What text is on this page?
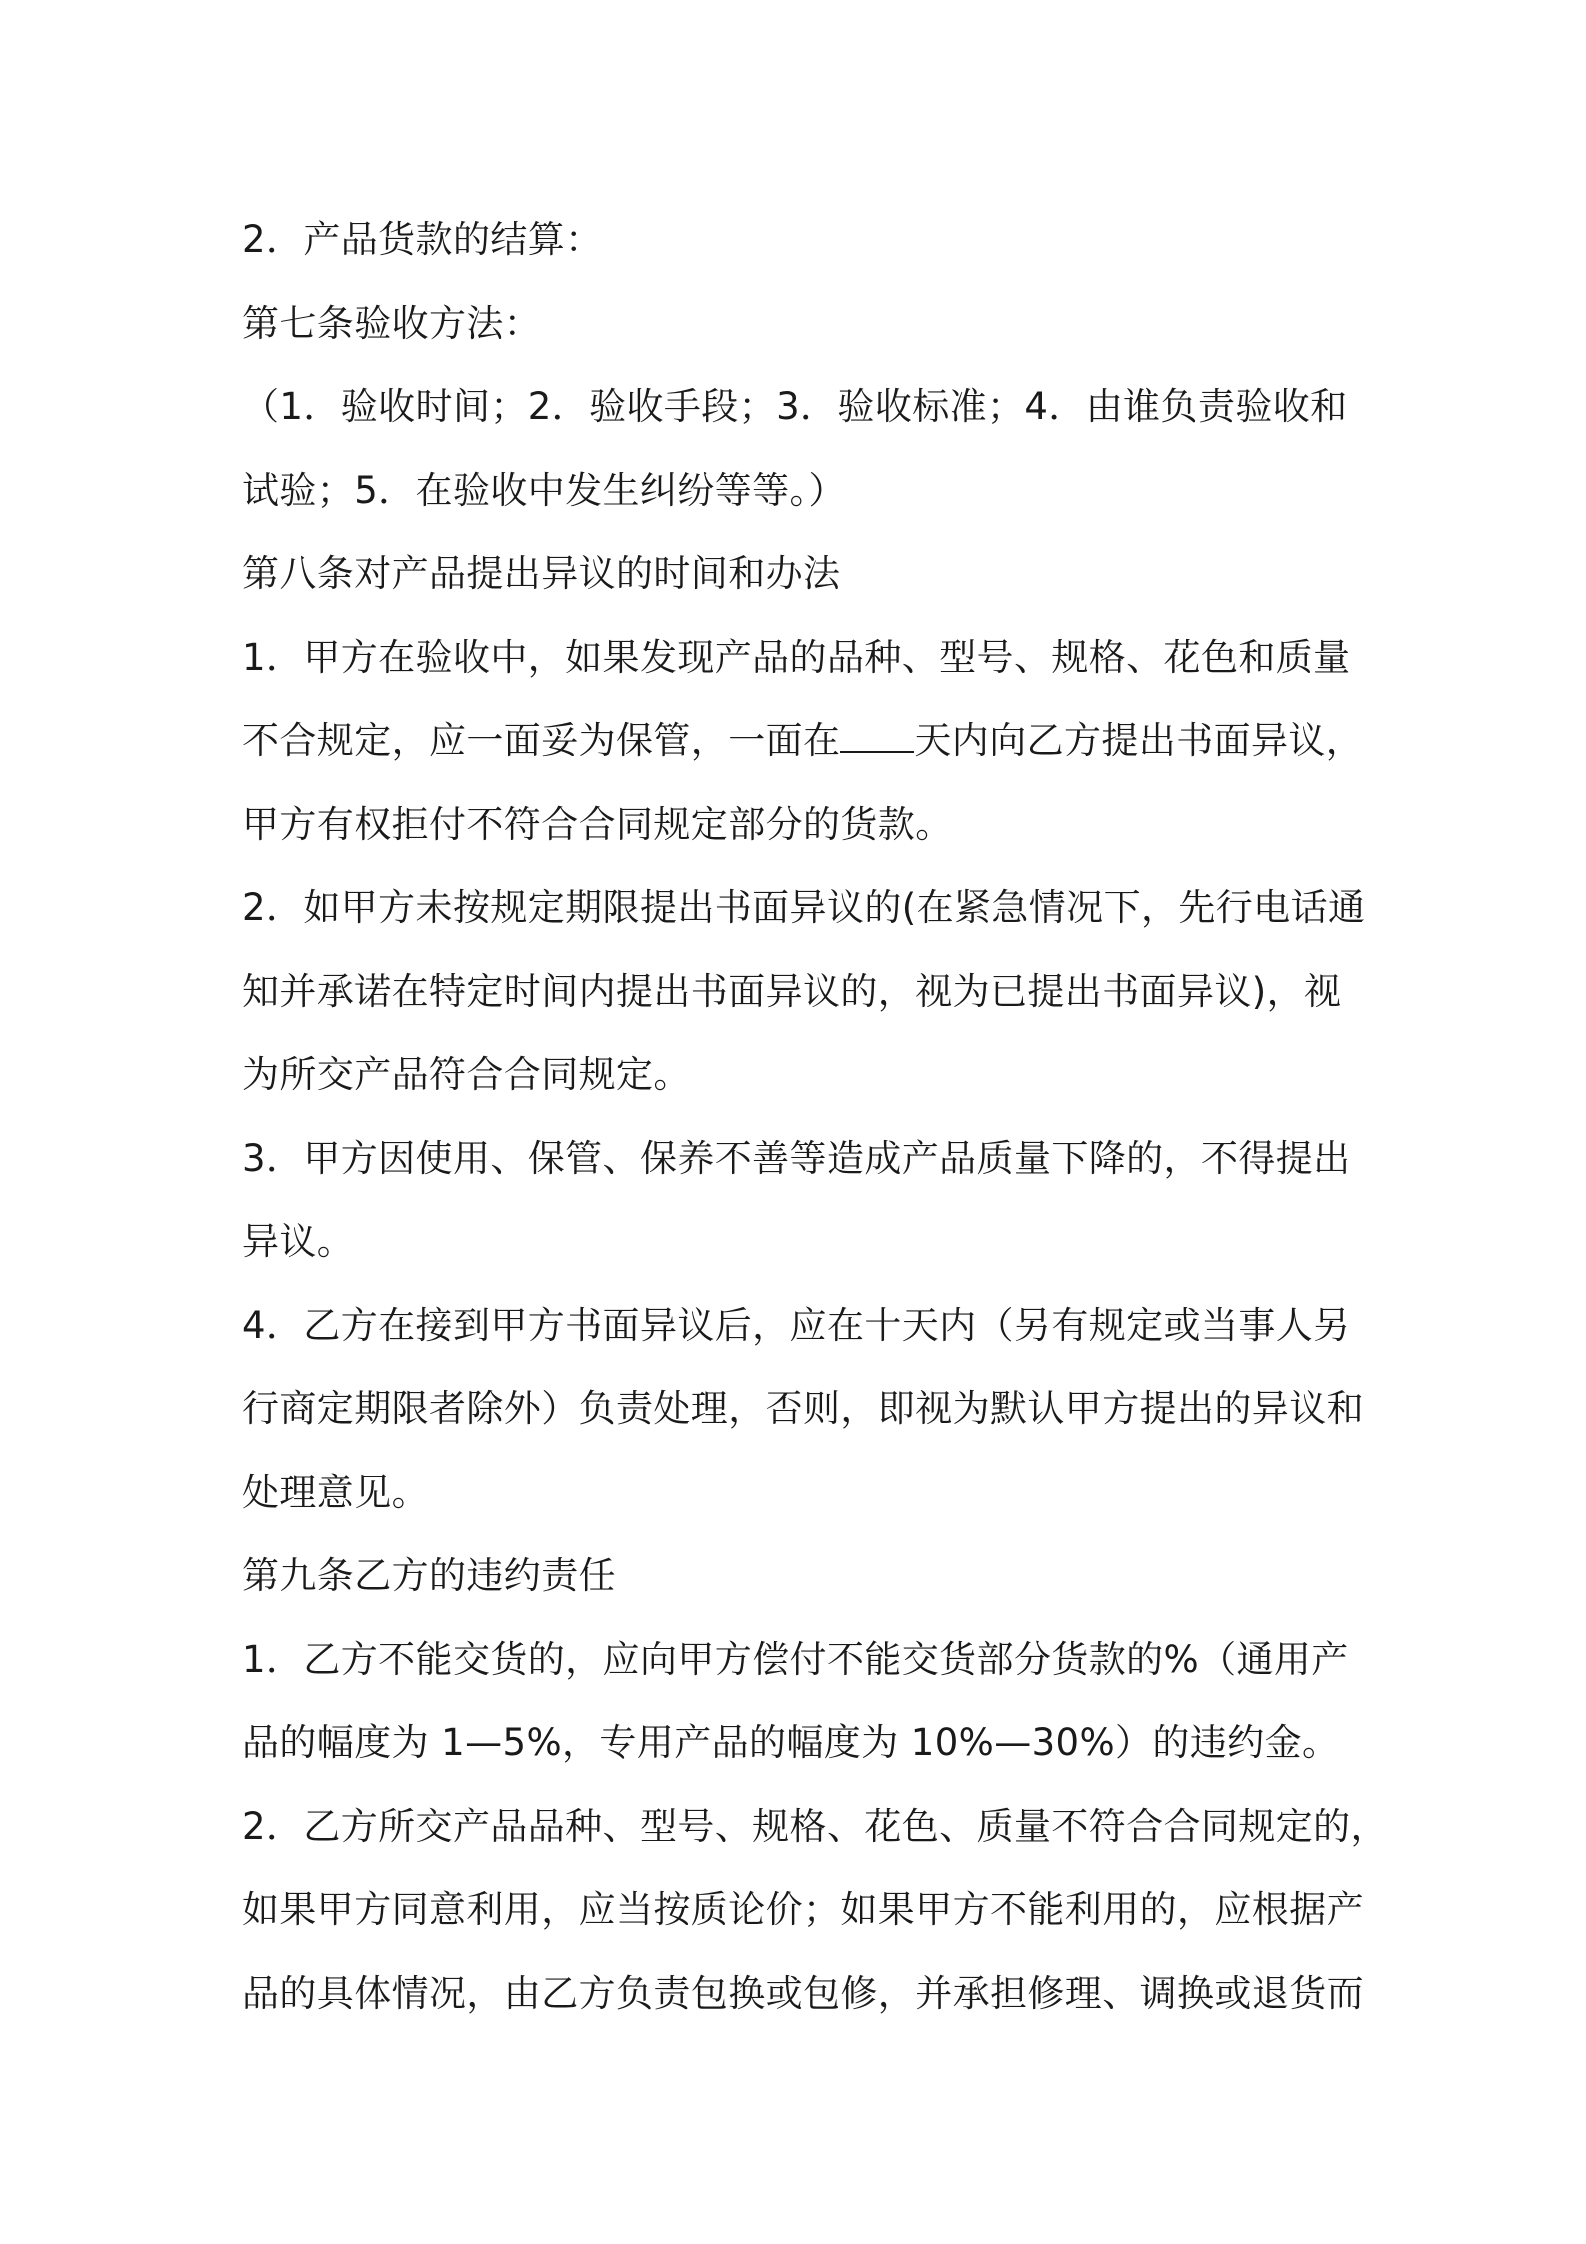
2．产品货款的结算：
第七条验收方法：
（1．验收时间；2．验收手段；3．验收标准；4．由谁负责验收和
试验；5．在验收中发生纠纷等等。）
第八条对产品提出异议的时间和办法
1．甲方在验收中，如果发现产品的品种、型号、规格、花色和质量
不合规定，应一面妥为保管，一面在 天内向乙方提出书面异议，
甲方有权拒付不符合合同规定部分的货款。
2．如甲方未按规定期限提出书面异议的(在紧急情况下，先行电话通
知并承诺在特定时间内提出书面异议的，视为已提出书面异议)，视
为所交产品符合合同规定。
3．甲方因使用、保管、保养不善等造成产品质量下降的，不得提出
异议。
4．乙方在接到甲方书面异议后，应在十天内（另有规定或当事人另
行商定期限者除外）负责处理，否则，即视为默认甲方提出的异议和
处理意见。
第九条乙方的违约责任
1．乙方不能交货的，应向甲方偿付不能交货部分货款的%（通用产
品的幅度为 1—5%，专用产品的幅度为 10%—30%）的违约金。
2．乙方所交产品品种、型号、规格、花色、质量不符合合同规定的，
如果甲方同意利用，应当按质论价；如果甲方不能利用的，应根据产
品的具体情况，由乙方负责包换或包修，并承担修理、调换或退货而
